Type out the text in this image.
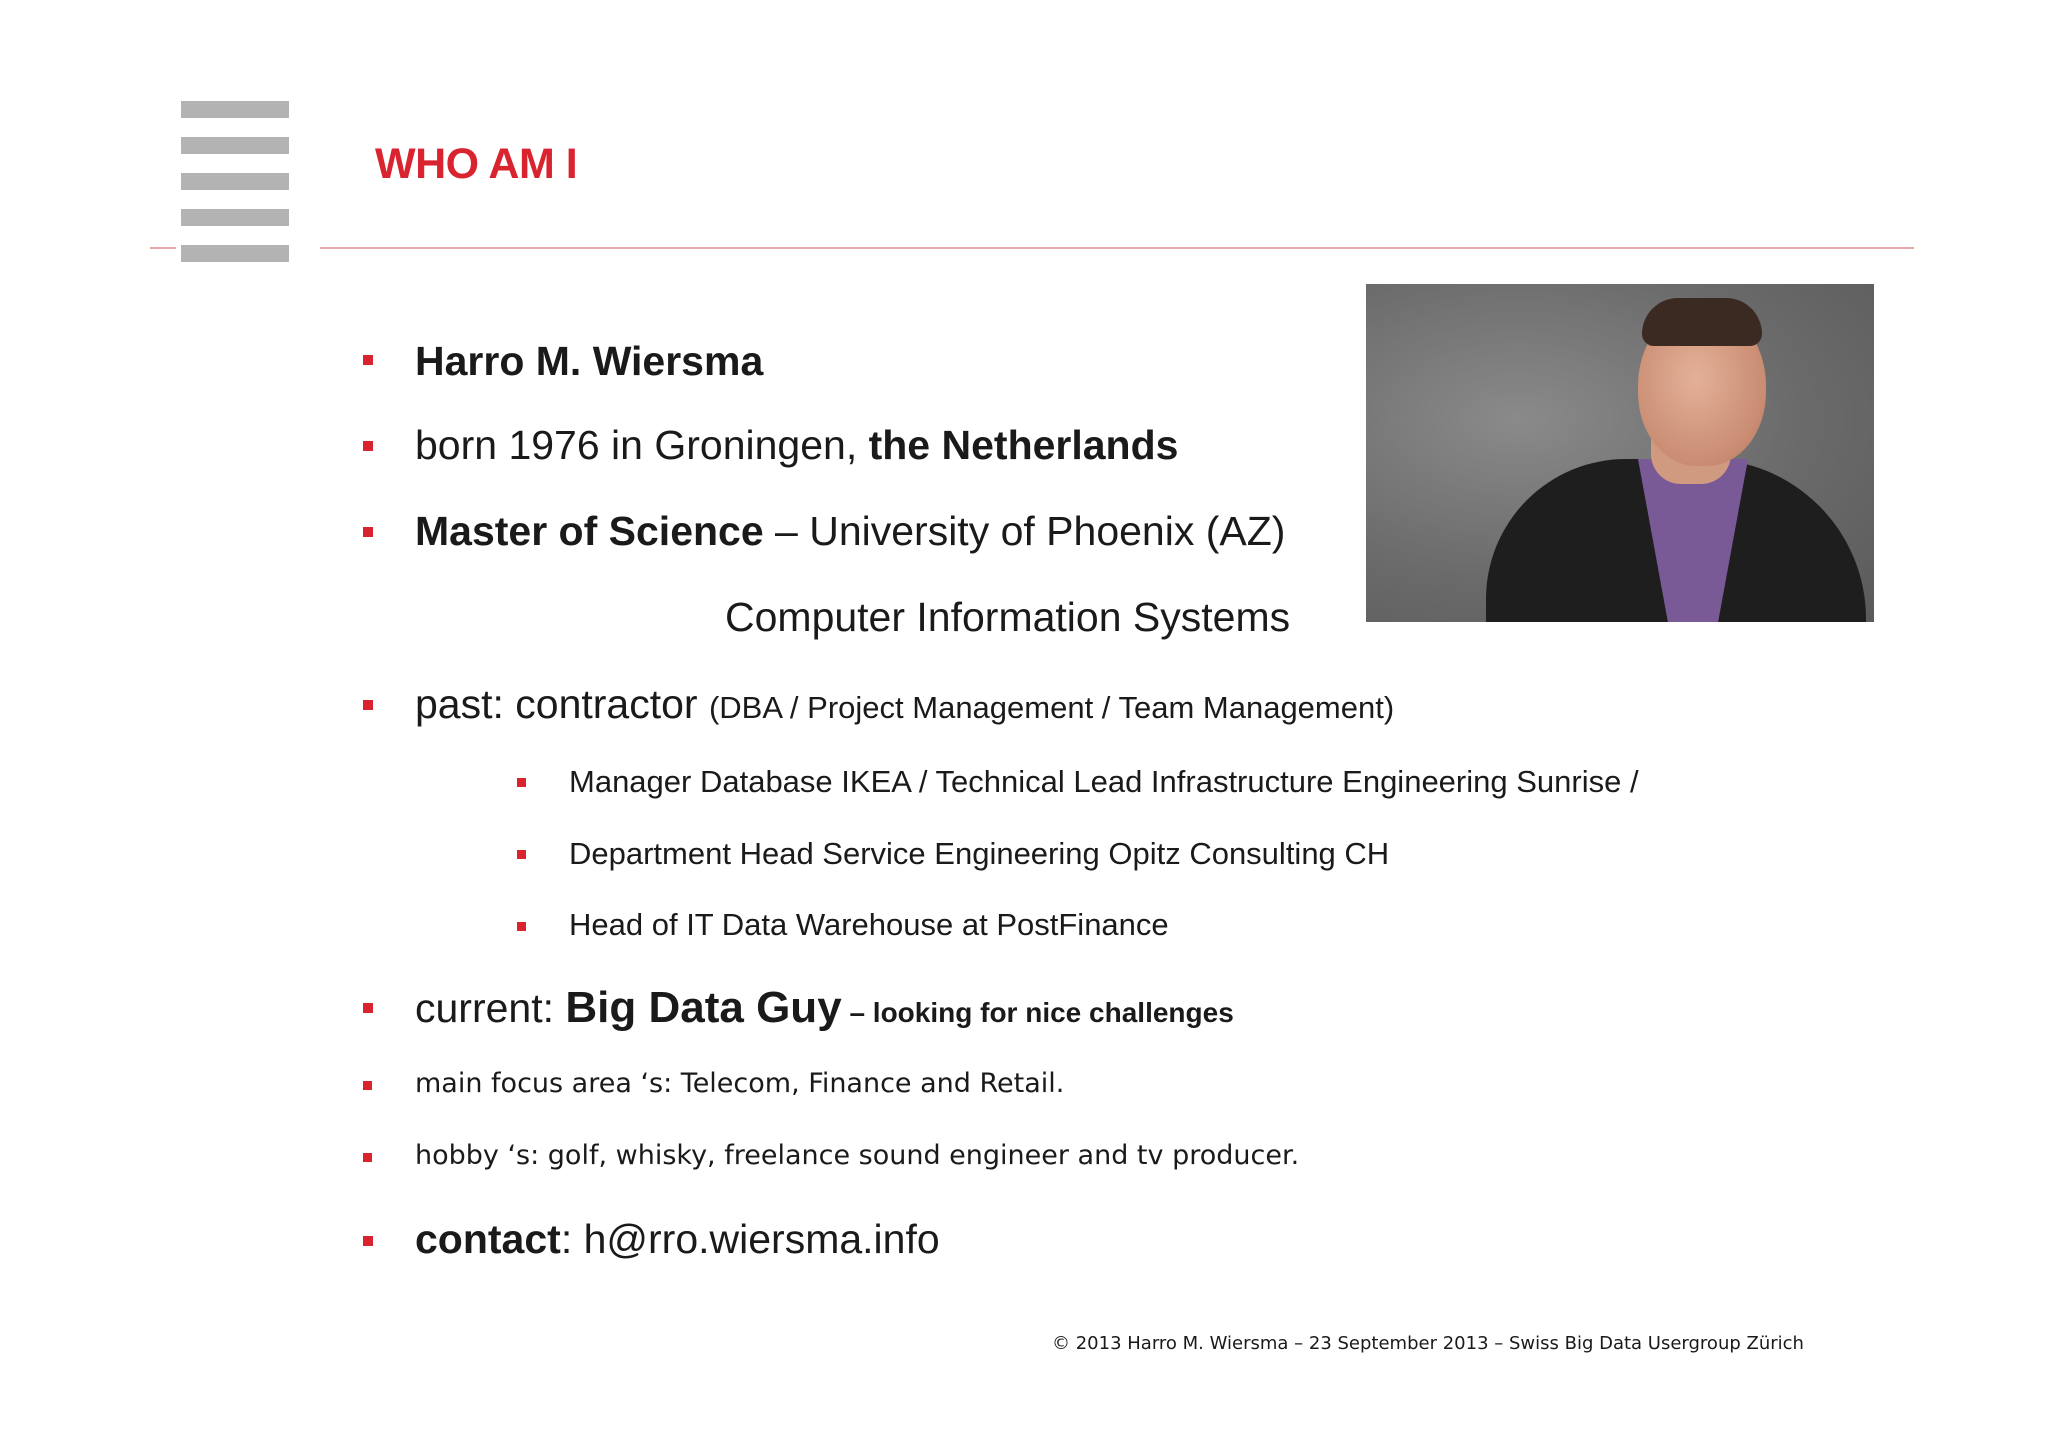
WHO AM I
Harro M. Wiersma
born 1976 in Groningen, the Netherlands
Master of Science – University of Phoenix (AZ)
Computer Information Systems
past: contractor (DBA / Project Management / Team Management)
Manager Database IKEA / Technical Lead Infrastructure Engineering Sunrise /
Department Head Service Engineering Opitz Consulting CH
Head of IT Data Warehouse at PostFinance
current: Big Data Guy – looking for nice challenges
main focus area ‘s: Telecom, Finance and Retail.
hobby ‘s: golf, whisky, freelance sound engineer and tv producer.
contact: h@rro.wiersma.info
© 2013 Harro M. Wiersma – 23 September 2013 – Swiss Big Data Usergroup Zürich
